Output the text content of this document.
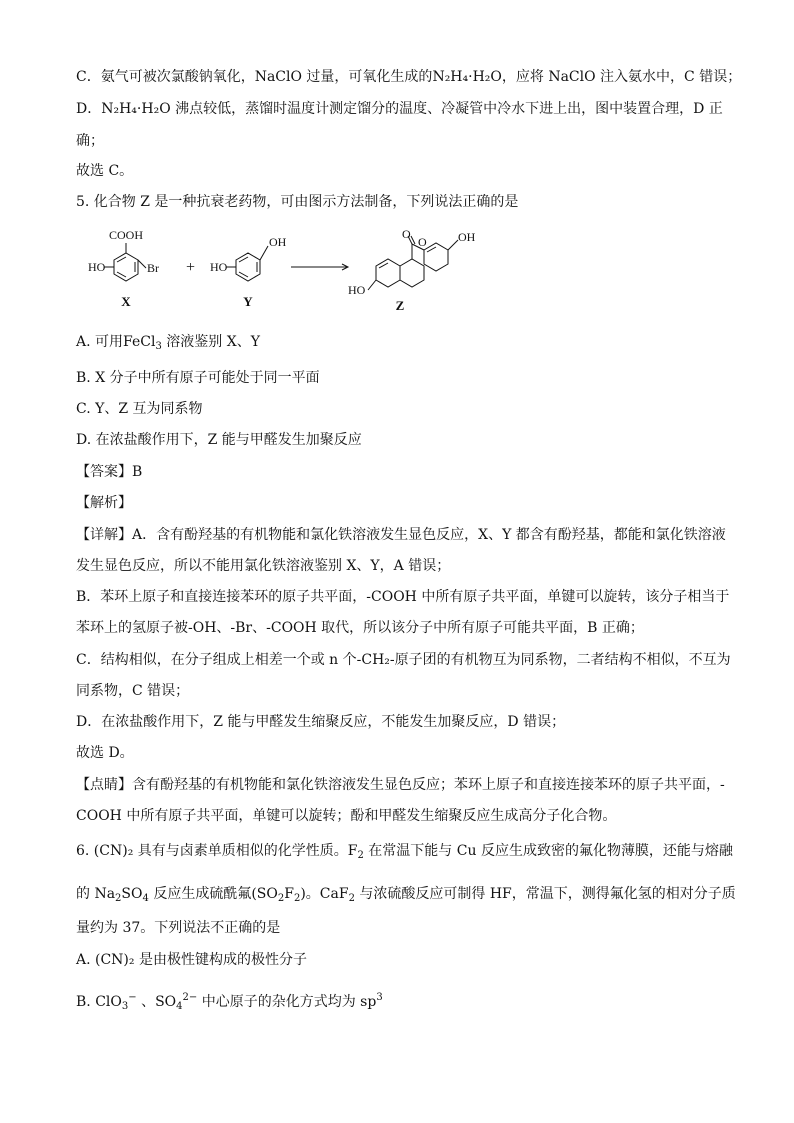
C．氨气可被次氯酸钠氧化，NaClO 过量，可氧化生成的N₂H₄·H₂O，应将 NaClO 注入氨水中，C 错误；
D．N₂H₄·H₂O 沸点较低，蒸馏时温度计测定馏分的温度、冷凝管中冷水下进上出，图中装置合理，D 正
确；
故选 C。
5. 化合物 Z 是一种抗衰老药物，可由图示方法制备，下列说法正确的是
COOH
HO	Br
X
+
OH
HO
Y
O
O	OH
HO
Z
A. 可用FeCl$_3$ 溶液鉴别 X、Y
B. X 分子中所有原子可能处于同一平面
C. Y、Z 互为同系物
D. 在浓盐酸作用下，Z 能与甲醛发生加聚反应
【答案】B
【解析】
【详解】A．含有酚羟基的有机物能和氯化铁溶液发生显色反应，X、Y 都含有酚羟基，都能和氯化铁溶液
发生显色反应，所以不能用氯化铁溶液鉴别 X、Y，A 错误；
B．苯环上原子和直接连接苯环的原子共平面，-COOH 中所有原子共平面，单键可以旋转，该分子相当于
苯环上的氢原子被-OH、-Br、-COOH 取代，所以该分子中所有原子可能共平面，B 正确；
C．结构相似，在分子组成上相差一个或 n 个-CH₂-原子团的有机物互为同系物，二者结构不相似，不互为
同系物，C 错误；
D．在浓盐酸作用下，Z 能与甲醛发生缩聚反应，不能发生加聚反应，D 错误；
故选 D。
【点睛】含有酚羟基的有机物能和氯化铁溶液发生显色反应；苯环上原子和直接连接苯环的原子共平面，-
COOH 中所有原子共平面，单键可以旋转；酚和甲醛发生缩聚反应生成高分子化合物。
6. (CN)₂ 具有与卤素单质相似的化学性质。$F_2$ 在常温下能与 Cu 反应生成致密的氟化物薄膜，还能与熔融
的 $Na_2SO_4$ 反应生成硫酰氟$(SO_2F_2)$。CaF$_2$ 与浓硫酸反应可制得 HF，常温下，测得氟化氢的相对分子质
量约为 37。下列说法不正确的是
A. (CN)₂ 是由极性键构成的极性分子
B. ClO$_3$− 、$SO_4^{2-}$ 中心原子的杂化方式均为 $sp^3$
